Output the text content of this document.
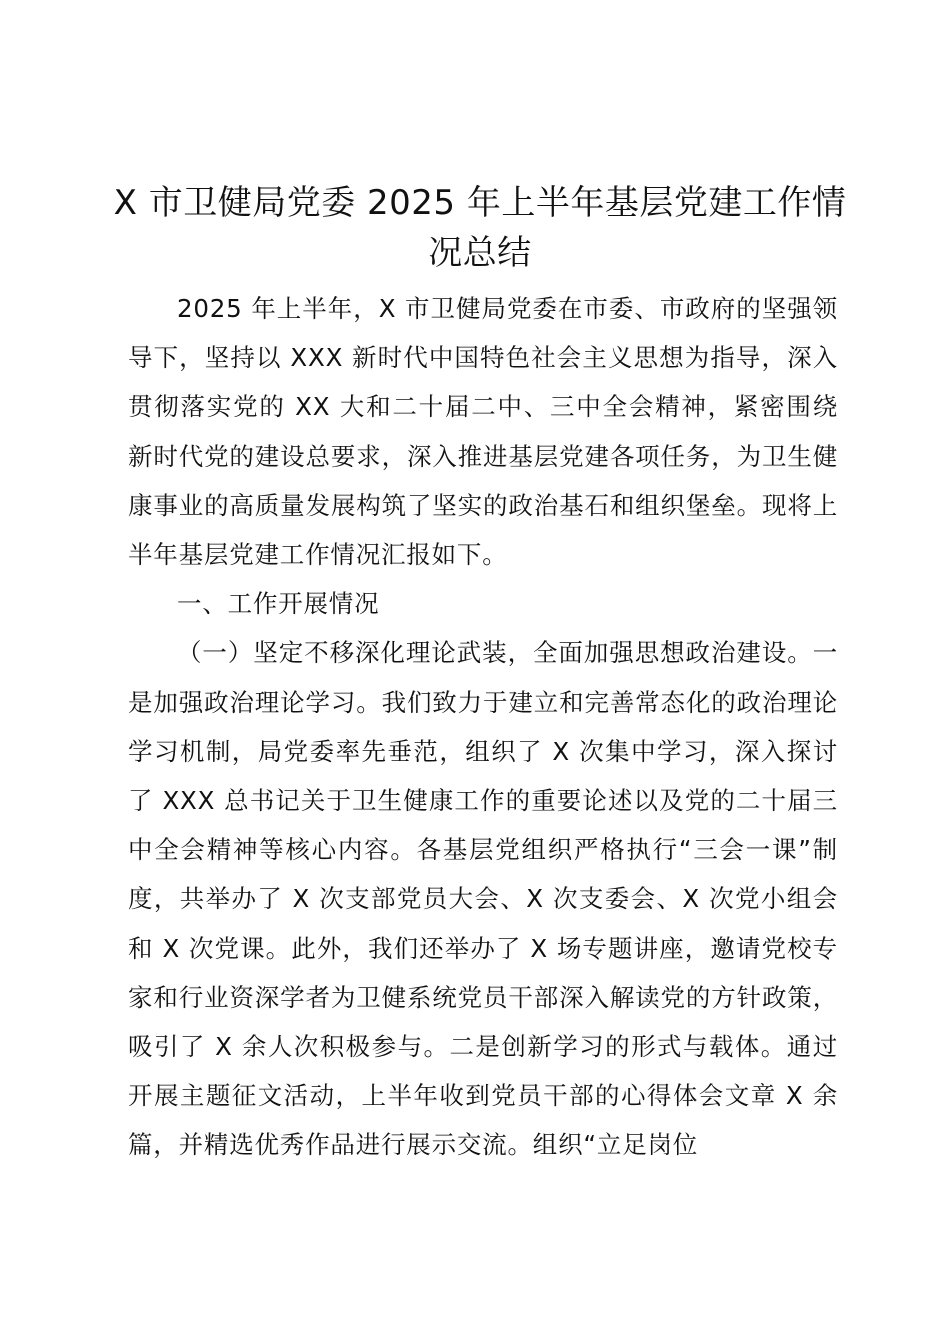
X 市卫健局党委 2025 年上半年基层党建工作情况总结

2025 年上半年，X 市卫健局党委在市委、市政府的坚强领导下，坚持以 XXX 新时代中国特色社会主义思想为指导，深入贯彻落实党的 XX 大和二十届二中、三中全会精神，紧密围绕新时代党的建设总要求，深入推进基层党建各项任务，为卫生健康事业的高质量发展构筑了坚实的政治基石和组织堡垒。现将上半年基层党建工作情况汇报如下。

一、工作开展情况

（一）坚定不移深化理论武装，全面加强思想政治建设。一是加强政治理论学习。我们致力于建立和完善常态化的政治理论学习机制，局党委率先垂范，组织了 X 次集中学习，深入探讨了 XXX 总书记关于卫生健康工作的重要论述以及党的二十届三中全会精神等核心内容。各基层党组织严格执行“三会一课”制度，共举办了 X 次支部党员大会、X 次支委会、X 次党小组会和 X 次党课。此外，我们还举办了 X 场专题讲座，邀请党校专家和行业资深学者为卫健系统党员干部深入解读党的方针政策，吸引了 X 余人次积极参与。二是创新学习的形式与载体。通过开展主题征文活动，上半年收到党员干部的心得体会文章 X 余篇，并精选优秀作品进行展示交流。组织“立足岗位
